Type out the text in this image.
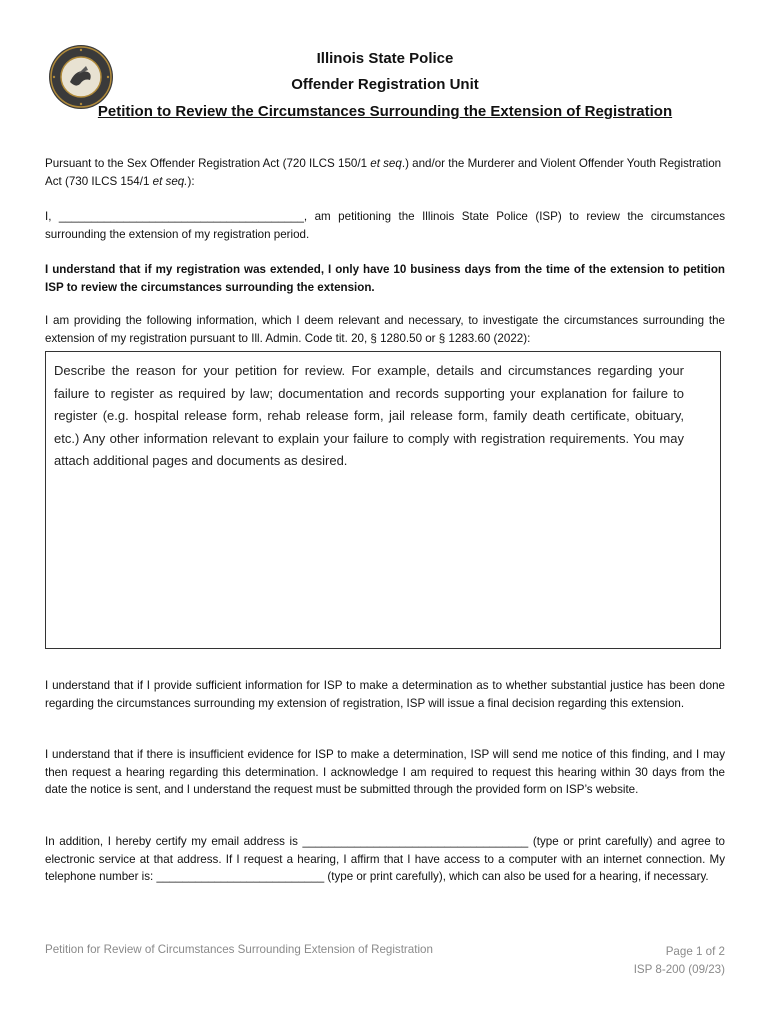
Illinois State Police
Offender Registration Unit
Petition to Review the Circumstances Surrounding the Extension of Registration
Pursuant to the Sex Offender Registration Act (720 ILCS 150/1 et seq.) and/or the Murderer and Violent Offender Youth Registration Act (730 ILCS 154/1 et seq.):
I, ______________________________________, am petitioning the Illinois State Police (ISP) to review the circumstances surrounding the extension of my registration period.
I understand that if my registration was extended, I only have 10 business days from the time of the extension to petition ISP to review the circumstances surrounding the extension.
I am providing the following information, which I deem relevant and necessary, to investigate the circumstances surrounding the extension of my registration pursuant to Ill. Admin. Code tit. 20, § 1280.50 or § 1283.60 (2022):
Describe the reason for your petition for review. For example, details and circumstances regarding your failure to register as required by law; documentation and records supporting your explanation for failure to register (e.g. hospital release form, rehab release form, jail release form, family death certificate, obituary, etc.) Any other information relevant to explain your failure to comply with registration requirements. You may attach additional pages and documents as desired.
I understand that if I provide sufficient information for ISP to make a determination as to whether substantial justice has been done regarding the circumstances surrounding my extension of registration, ISP will issue a final decision regarding this extension.
I understand that if there is insufficient evidence for ISP to make a determination, ISP will send me notice of this finding, and I may then request a hearing regarding this determination. I acknowledge I am required to request this hearing within 30 days from the date the notice is sent, and I understand the request must be submitted through the provided form on ISP’s website.
In addition, I hereby certify my email address is ___________________________________ (type or print carefully) and agree to electronic service at that address. If I request a hearing, I affirm that I have access to a computer with an internet connection. My telephone number is: __________________________ (type or print carefully), which can also be used for a hearing, if necessary.
Petition for Review of Circumstances Surrounding Extension of Registration	Page 1 of 2
ISP 8-200 (09/23)
